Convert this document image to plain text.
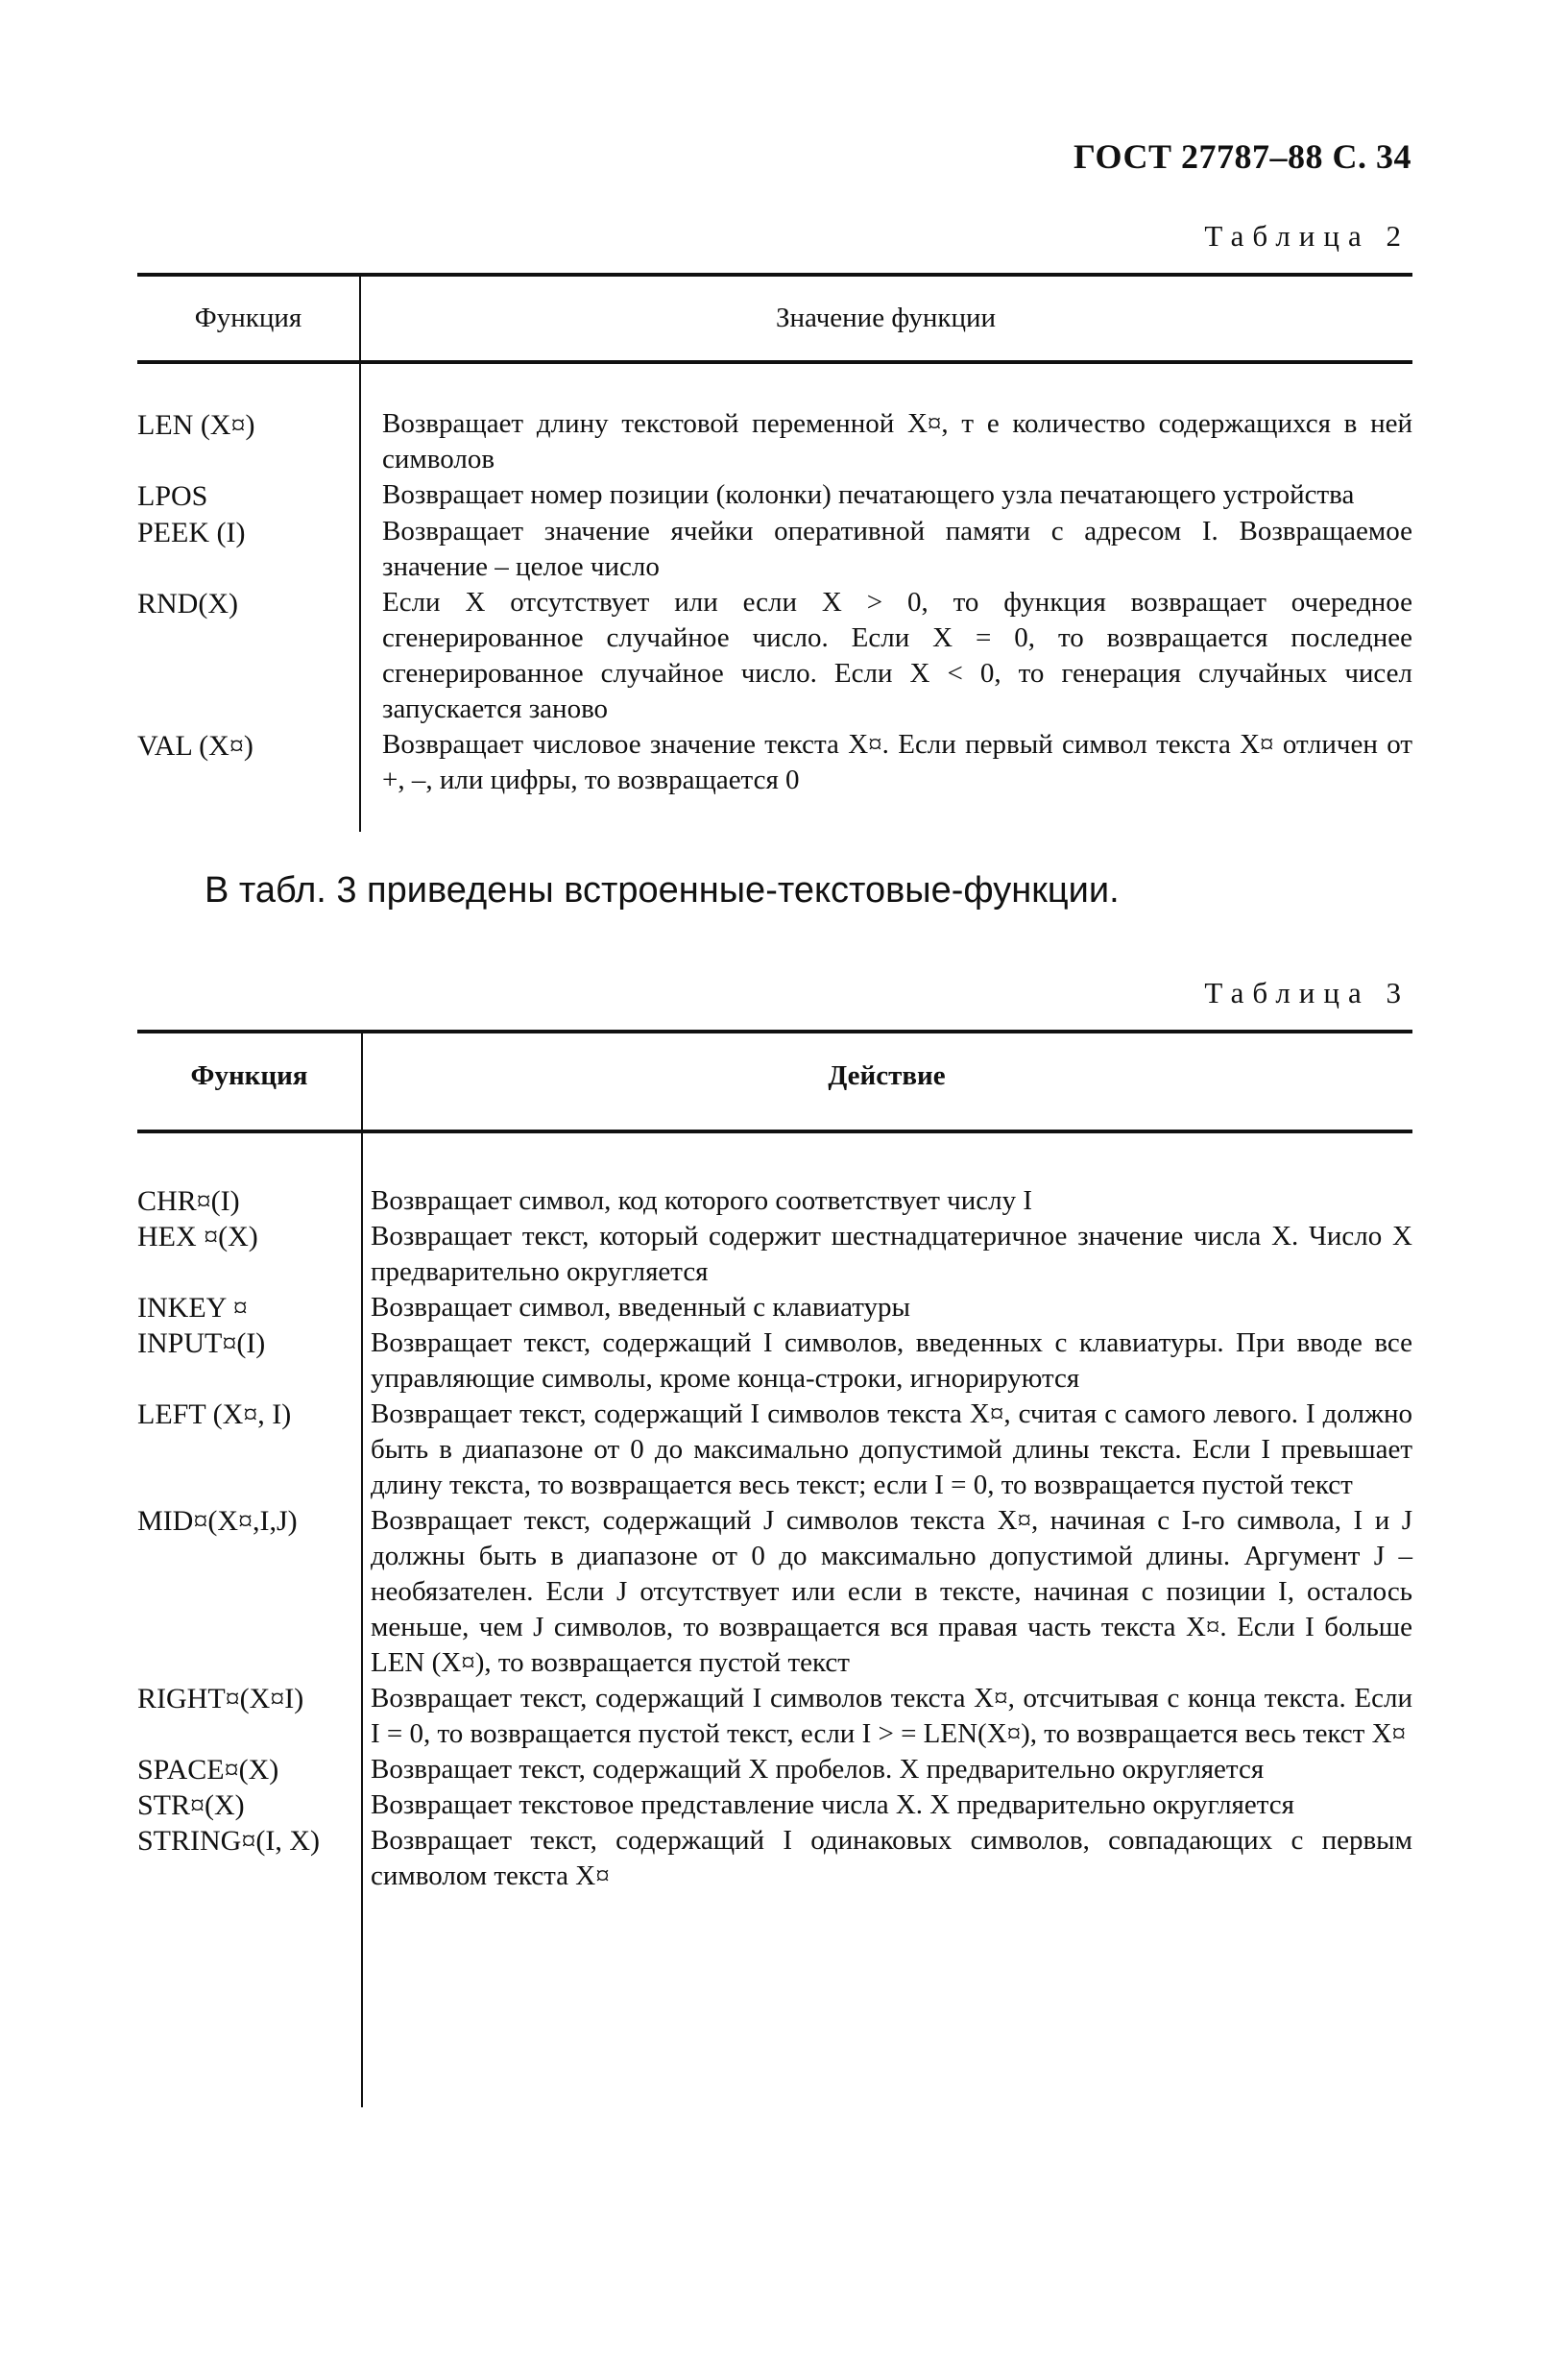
ГОСТ 27787–88 С. 34
Таблица 2
Функция	Значение функции
LEN (X¤)	Возвращает длину текстовой переменной X¤, т е количество содержащихся в ней символов
LPOS	Возвращает номер позиции (колонки) печатающего узла печатающего устройства
PEEK (I)	Возвращает значение ячейки оперативной памяти с адресом I. Возвращаемое значение – целое число
RND(X)	Если X отсутствует или если X > 0, то функция возвращает очередное сгенерированное случайное число. Если X = 0, то возвращается последнее сгенерированное случайное число. Если X < 0, то генерация случайных чисел запускается заново
VAL (X¤)	Возвращает числовое значение текста X¤. Если первый символ текста X¤ отличен от +, –, или цифры, то возвращается 0
В табл. 3 приведены встроенные-текстовые-функции.
Таблица 3
Функция	Действие
CHR¤(I)	Возвращает символ, код которого соответствует числу I
HEX ¤(X)	Возвращает текст, который содержит шестнадцатеричное значение числа X. Число X предварительно округляется
INKEY ¤	Возвращает символ, введенный с клавиатуры
INPUT¤(I)	Возвращает текст, содержащий I символов, введенных с клавиатуры. При вводе все управляющие символы, кроме конца-строки, игнорируются
LEFT (X¤, I)	Возвращает текст, содержащий I символов текста X¤, считая с самого левого. I должно быть в диапазоне от 0 до максимально допустимой длины текста. Если I превышает длину текста, то возвращается весь текст; если I = 0, то возвращается пустой текст
MID¤(X¤,I,J)	Возвращает текст, содержащий J символов текста X¤, начиная с I-го символа, I и J должны быть в диапазоне от 0 до максимально допустимой длины. Аргумент J – необязателен. Если J отсутствует или если в тексте, начиная с позиции I, осталось меньше, чем J символов, то возвращается вся правая часть текста X¤. Если I больше LEN (X¤), то возвращается пустой текст
RIGHT¤(X¤I)	Возвращает текст, содержащий I символов текста X¤, отсчитывая с конца текста. Если I = 0, то возвращается пустой текст, если I > = LEN(X¤), то возвращается весь текст X¤
SPACE¤(X)	Возвращает текст, содержащий X пробелов. X предварительно округляется
STR¤(X)	Возвращает текстовое представление числа X. X предварительно округляется
STRING¤(I, X)	Возвращает текст, содержащий I одинаковых символов, совпадающих с первым символом текста X¤
